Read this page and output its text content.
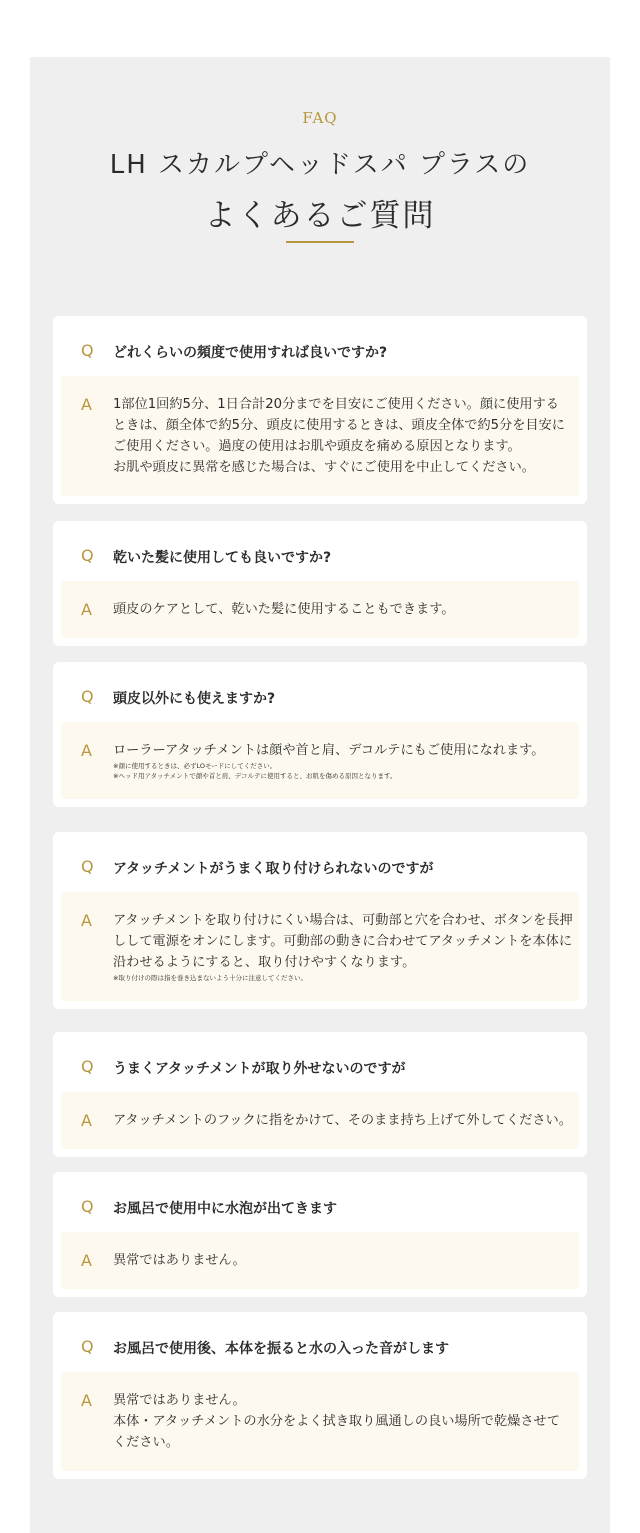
FAQ
LH スカルプヘッドスパ プラスの
よくあるご質問
Q どれくらいの頻度で使用すれば良いですか?
A 1部位1回約5分、1日合計20分までを目安にご使用ください。顔に使用する
ときは、顔全体で約5分、頭皮に使用するときは、頭皮全体で約5分を目安に
ご使用ください。過度の使用はお肌や頭皮を痛める原因となります。
お肌や頭皮に異常を感じた場合は、すぐにご使用を中止してください。
Q 乾いた髪に使用しても良いですか?
A 頭皮のケアとして、乾いた髪に使用することもできます。
Q 頭皮以外にも使えますか?
A ローラーアタッチメントは顔や首と肩、デコルテにもご使用になれます。
※顔に使用するときは、必ずLOモードにしてください。
※ヘッド用アタッチメントで顔や首と肩、デコルテに使用すると、お肌を傷める原因となります。
Q アタッチメントがうまく取り付けられないのですが
A アタッチメントを取り付けにくい場合は、可動部と穴を合わせ、ボタンを長押
しして電源をオンにします。可動部の動きに合わせてアタッチメントを本体に
沿わせるようにすると、取り付けやすくなります。
※取り付けの際は指を巻き込まないよう十分に注意してください。
Q うまくアタッチメントが取り外せないのですが
A アタッチメントのフックに指をかけて、そのまま持ち上げて外してください。
Q お風呂で使用中に水泡が出てきます
A 異常ではありません。
Q お風呂で使用後、本体を振ると水の入った音がします
A 異常ではありません。
本体・アタッチメントの水分をよく拭き取り風通しの良い場所で乾燥させて
ください。
